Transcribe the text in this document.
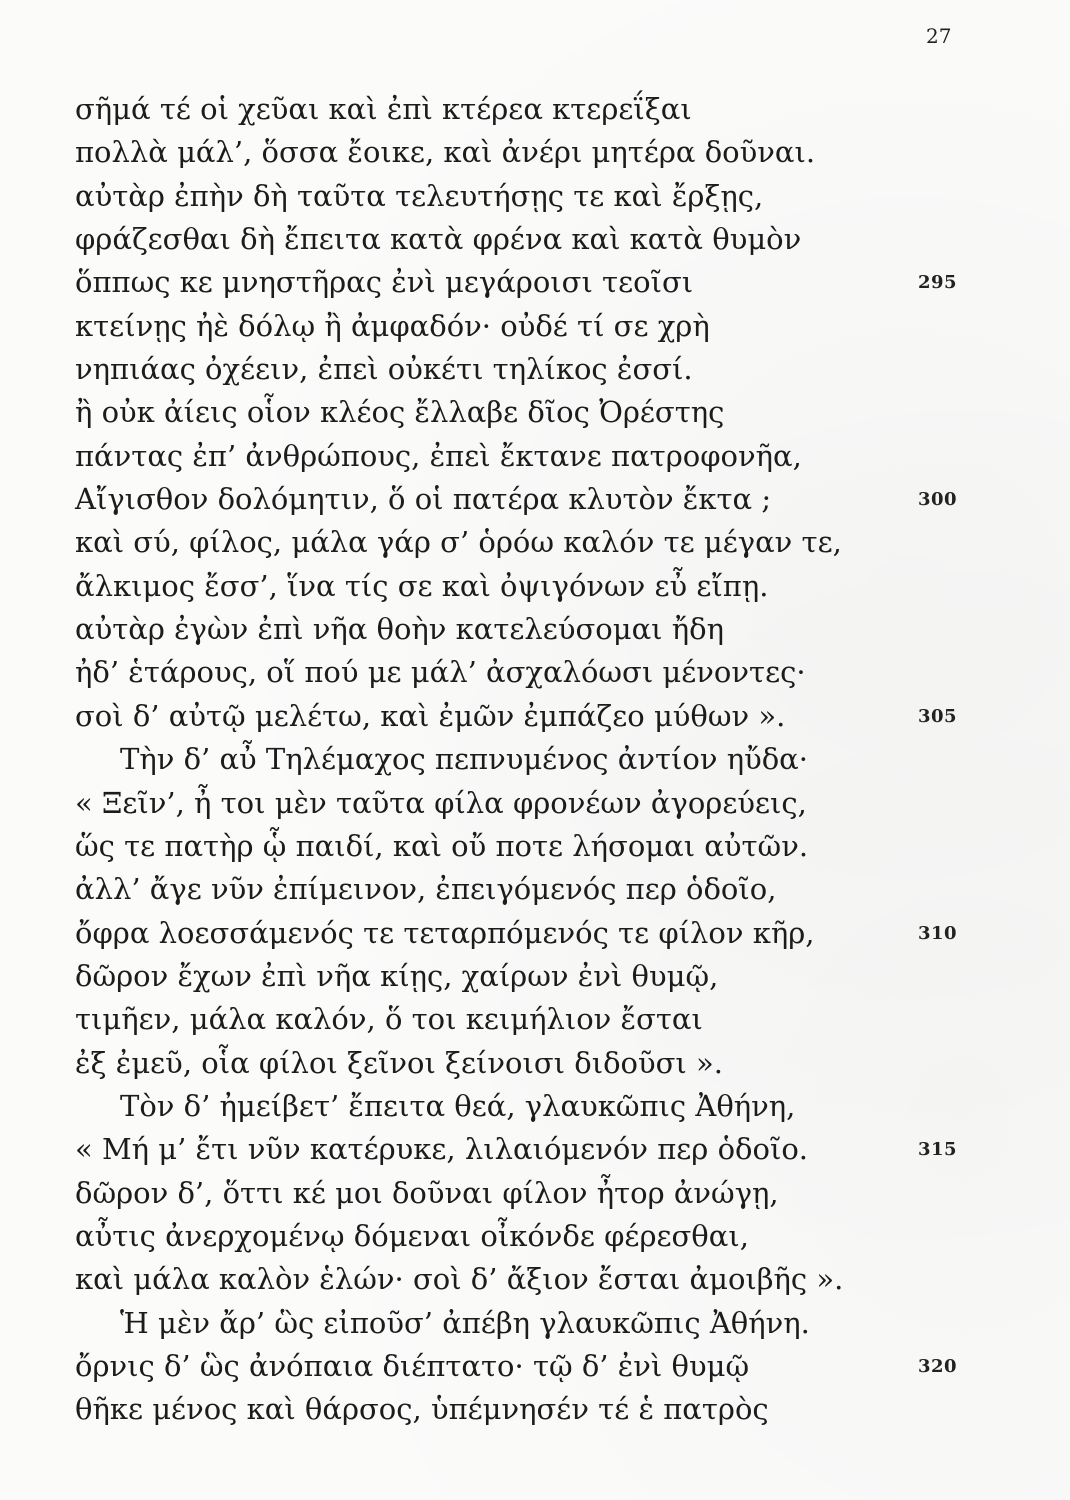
27
σῆμά τέ οἱ χεῦαι καὶ ἐπὶ κτέρεα κτερεΐξαι
πολλὰ μάλ’, ὅσσα ἔοικε, καὶ ἀνέρι μητέρα δοῦναι.
αὐτὰρ ἐπὴν δὴ ταῦτα τελευτήσῃς τε καὶ ἔρξῃς,
φράζεσθαι δὴ ἔπειτα κατὰ φρένα καὶ κατὰ θυμὸν
ὅππως κε μνηστῆρας ἐνὶ μεγάροισι τεοῖσι	295
κτείνῃς ἠὲ δόλῳ ἢ ἀμφαδόν· οὐδέ τί σε χρὴ
νηπιάας ὀχέειν, ἐπεὶ οὐκέτι τηλίκος ἐσσί.
ἢ οὐκ ἀίεις οἷον κλέος ἔλλαβε δῖος Ὀρέστης
πάντας ἐπ’ ἀνθρώπους, ἐπεὶ ἔκτανε πατροφονῆα,
Αἴγισθον δολόμητιν, ὅ οἱ πατέρα κλυτὸν ἔκτα ;	300
καὶ σύ, φίλος, μάλα γάρ σ’ ὁρόω καλόν τε μέγαν τε,
ἄλκιμος ἔσσ’, ἵνα τίς σε καὶ ὀψιγόνων εὖ εἴπῃ.
αὐτὰρ ἐγὼν ἐπὶ νῆα θοὴν κατελεύσομαι ἤδη
ἠδ’ ἑτάρους, οἵ πού με μάλ’ ἀσχαλόωσι μένοντες·
σοὶ δ’ αὐτῷ μελέτω, καὶ ἐμῶν ἐμπάζεο μύθων ».	305
Τὴν δ’ αὖ Τηλέμαχος πεπνυμένος ἀντίον ηὔδα·
« Ξεῖν’, ἦ τοι μὲν ταῦτα φίλα φρονέων ἀγορεύεις,
ὥς τε πατὴρ ᾧ παιδί, καὶ οὔ ποτε λήσομαι αὐτῶν.
ἀλλ’ ἄγε νῦν ἐπίμεινον, ἐπειγόμενός περ ὁδοῖο,
ὄφρα λοεσσάμενός τε τεταρπόμενός τε φίλον κῆρ,	310
δῶρον ἔχων ἐπὶ νῆα κίῃς, χαίρων ἐνὶ θυμῷ,
τιμῆεν, μάλα καλόν, ὅ τοι κειμήλιον ἔσται
ἐξ ἐμεῦ, οἷα φίλοι ξεῖνοι ξείνοισι διδοῦσι ».
Τὸν δ’ ἠμείβετ’ ἔπειτα θεά, γλαυκῶπις Ἀθήνη,
« Μή μ’ ἔτι νῦν κατέρυκε, λιλαιόμενόν περ ὁδοῖο.	315
δῶρον δ’, ὅττι κέ μοι δοῦναι φίλον ἦτορ ἀνώγῃ,
αὖτις ἀνερχομένῳ δόμεναι οἶκόνδε φέρεσθαι,
καὶ μάλα καλὸν ἑλών· σοὶ δ’ ἄξιον ἔσται ἀμοιβῆς ».
Ἡ μὲν ἄρ’ ὣς εἰποῦσ’ ἀπέβη γλαυκῶπις Ἀθήνη.
ὄρνις δ’ ὣς ἀνόπαια διέπτατο· τῷ δ’ ἐνὶ θυμῷ	320
θῆκε μένος καὶ θάρσος, ὑπέμνησέν τέ ἑ πατρὸς
